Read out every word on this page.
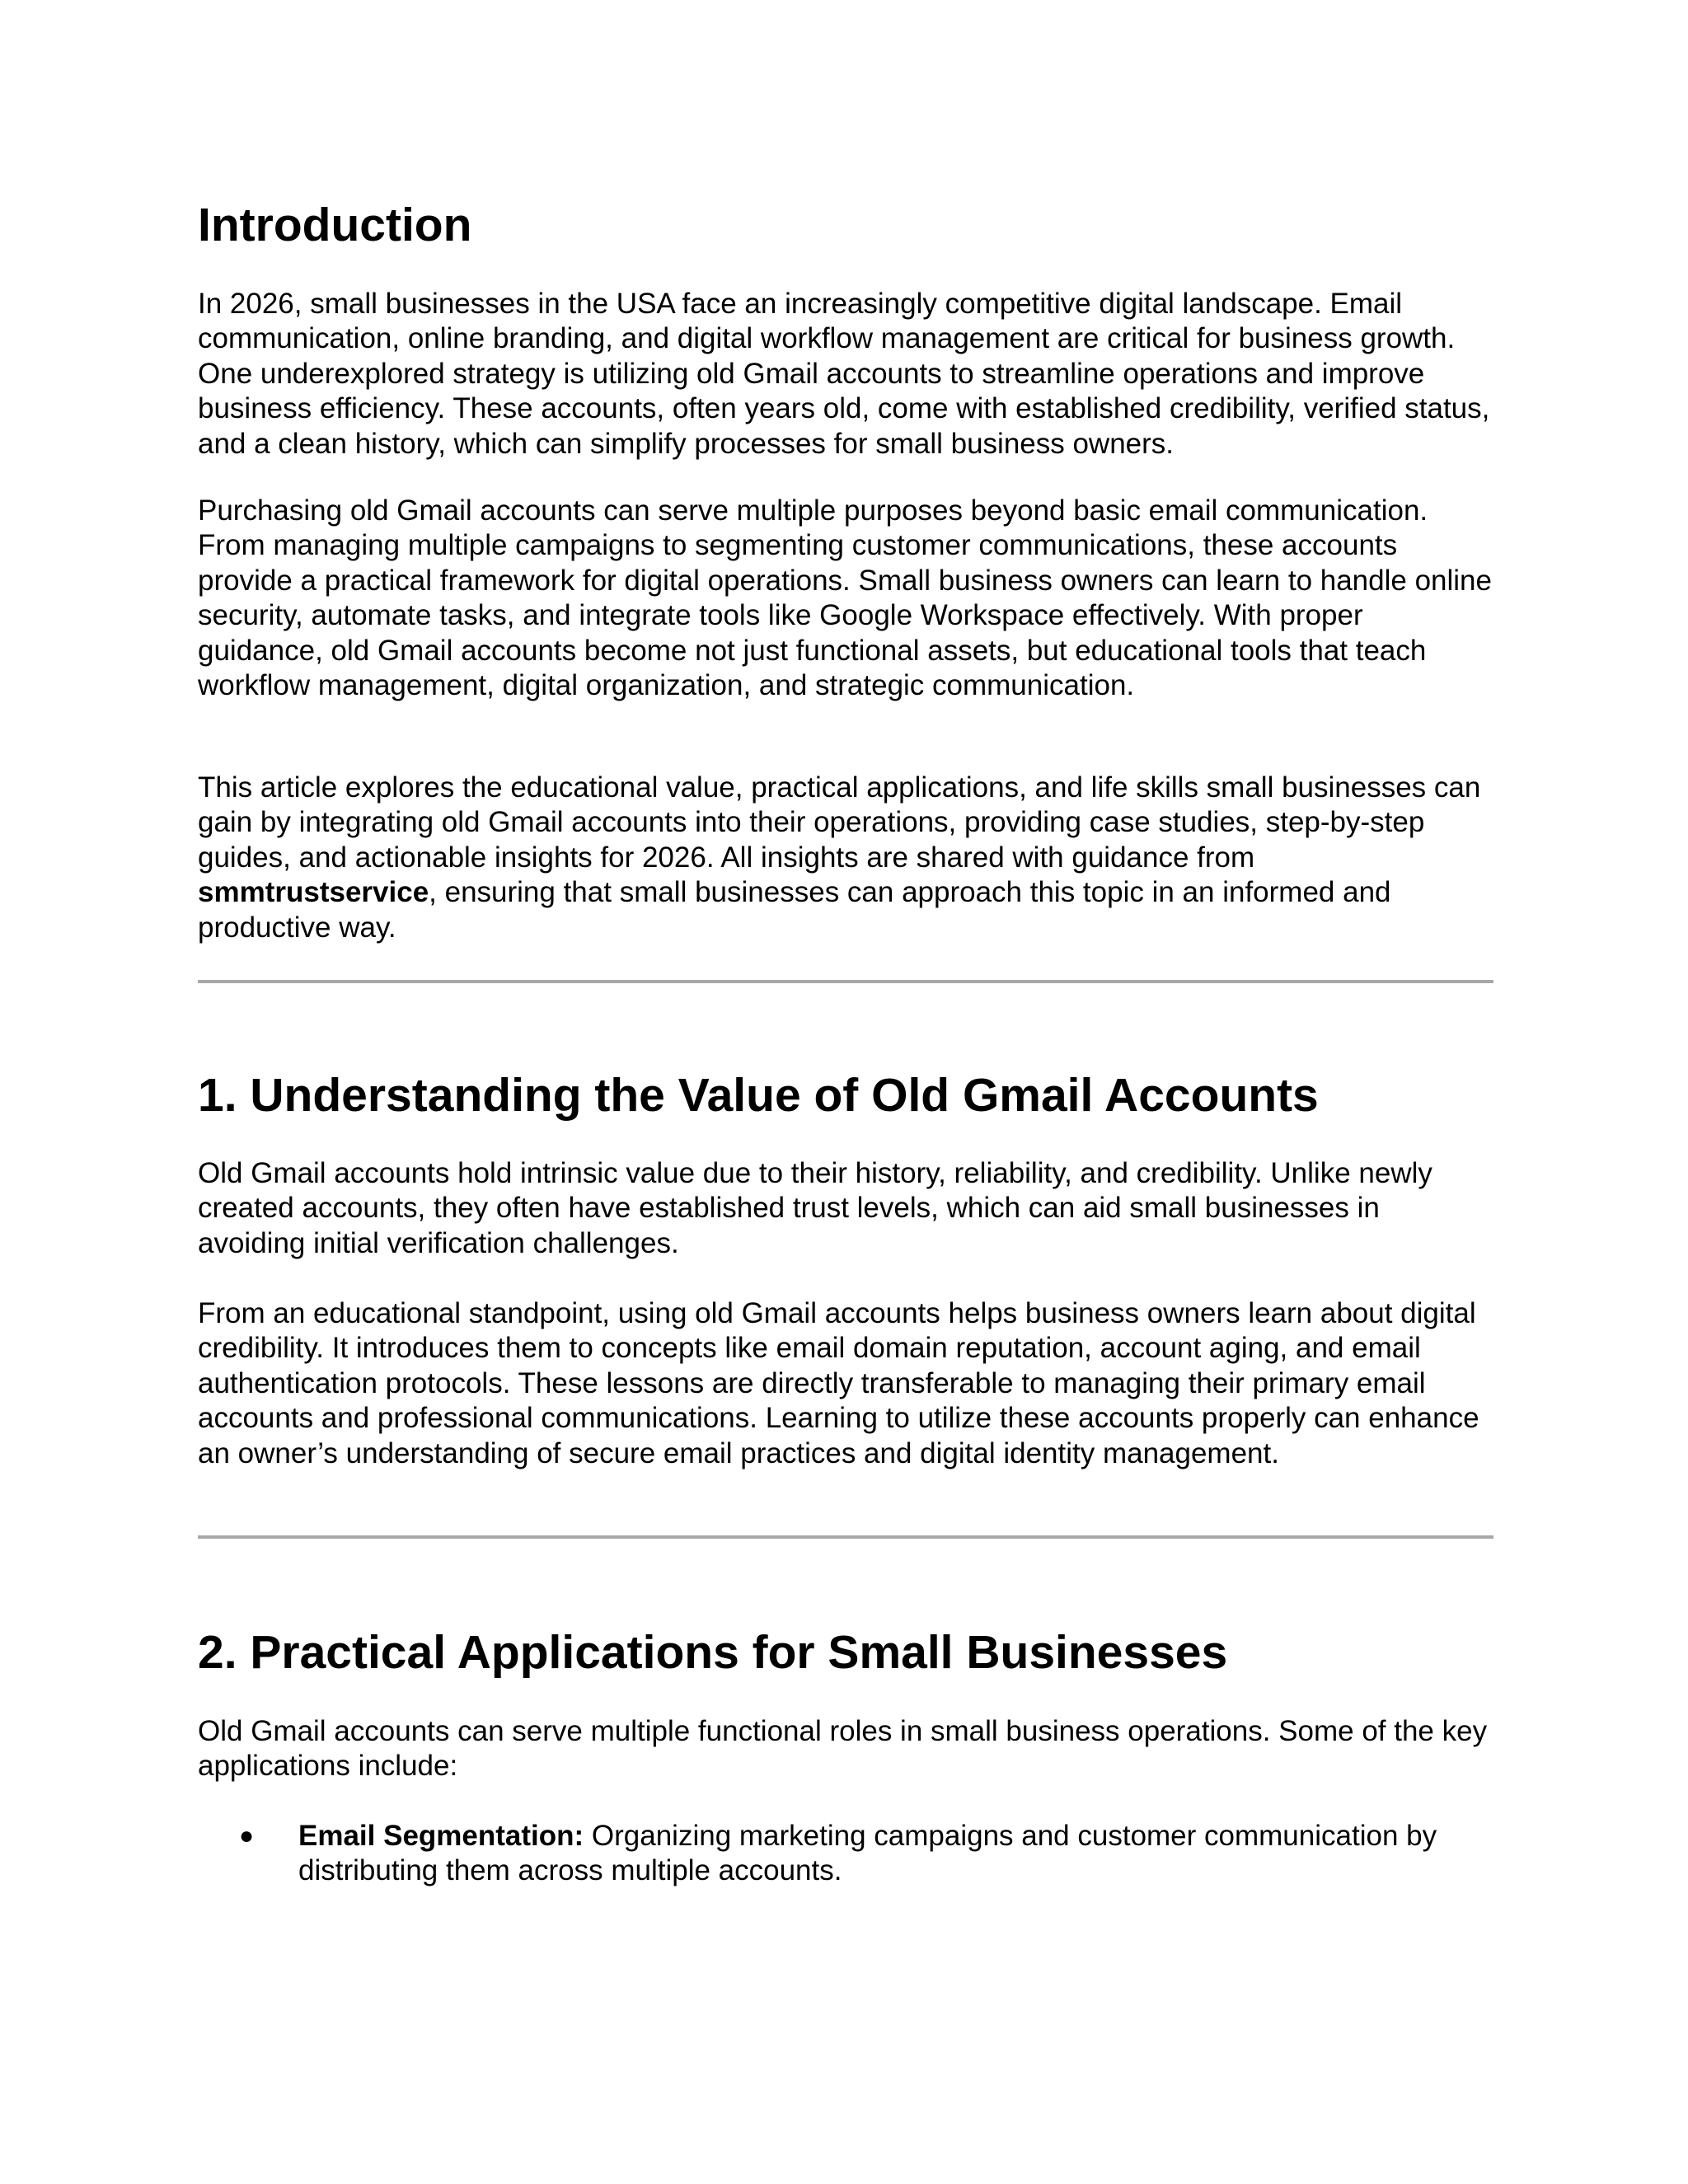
Introduction

In 2026, small businesses in the USA face an increasingly competitive digital landscape. Email communication, online branding, and digital workflow management are critical for business growth. One underexplored strategy is utilizing old Gmail accounts to streamline operations and improve business efficiency. These accounts, often years old, come with established credibility, verified status, and a clean history, which can simplify processes for small business owners.

Purchasing old Gmail accounts can serve multiple purposes beyond basic email communication. From managing multiple campaigns to segmenting customer communications, these accounts provide a practical framework for digital operations. Small business owners can learn to handle online security, automate tasks, and integrate tools like Google Workspace effectively. With proper guidance, old Gmail accounts become not just functional assets, but educational tools that teach workflow management, digital organization, and strategic communication.

This article explores the educational value, practical applications, and life skills small businesses can gain by integrating old Gmail accounts into their operations, providing case studies, step-by-step guides, and actionable insights for 2026. All insights are shared with guidance from smmtrustservice, ensuring that small businesses can approach this topic in an informed and productive way.

1. Understanding the Value of Old Gmail Accounts

Old Gmail accounts hold intrinsic value due to their history, reliability, and credibility. Unlike newly created accounts, they often have established trust levels, which can aid small businesses in avoiding initial verification challenges.

From an educational standpoint, using old Gmail accounts helps business owners learn about digital credibility. It introduces them to concepts like email domain reputation, account aging, and email authentication protocols. These lessons are directly transferable to managing their primary email accounts and professional communications. Learning to utilize these accounts properly can enhance an owner’s understanding of secure email practices and digital identity management.

2. Practical Applications for Small Businesses

Old Gmail accounts can serve multiple functional roles in small business operations. Some of the key applications include:

● Email Segmentation: Organizing marketing campaigns and customer communication by distributing them across multiple accounts.
